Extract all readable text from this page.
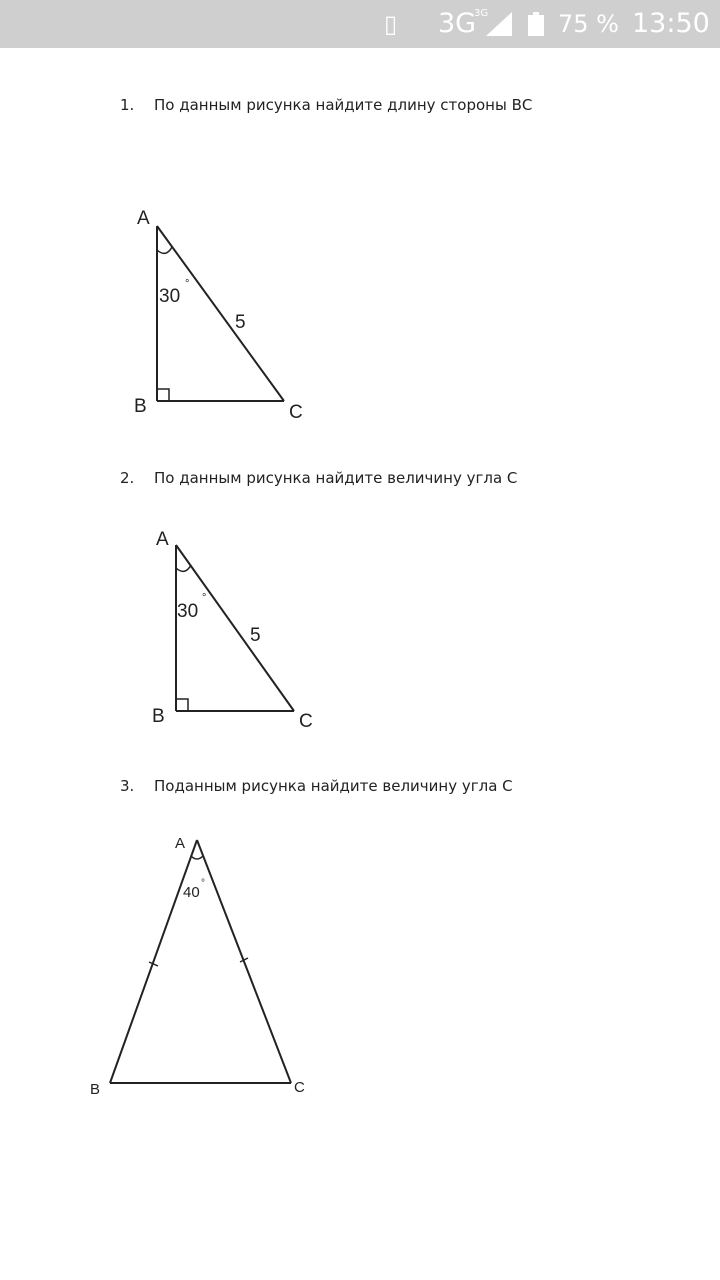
▯ 3G
3G	75 % 13:50
1. По данным рисунка найдите длину стороны ВС
A
B	C
30
°
5
A
B	C
30
°
5
A
B	C
40
°
2. По данным рисунка найдите величину угла С
3. Поданным рисунка найдите величину угла С
